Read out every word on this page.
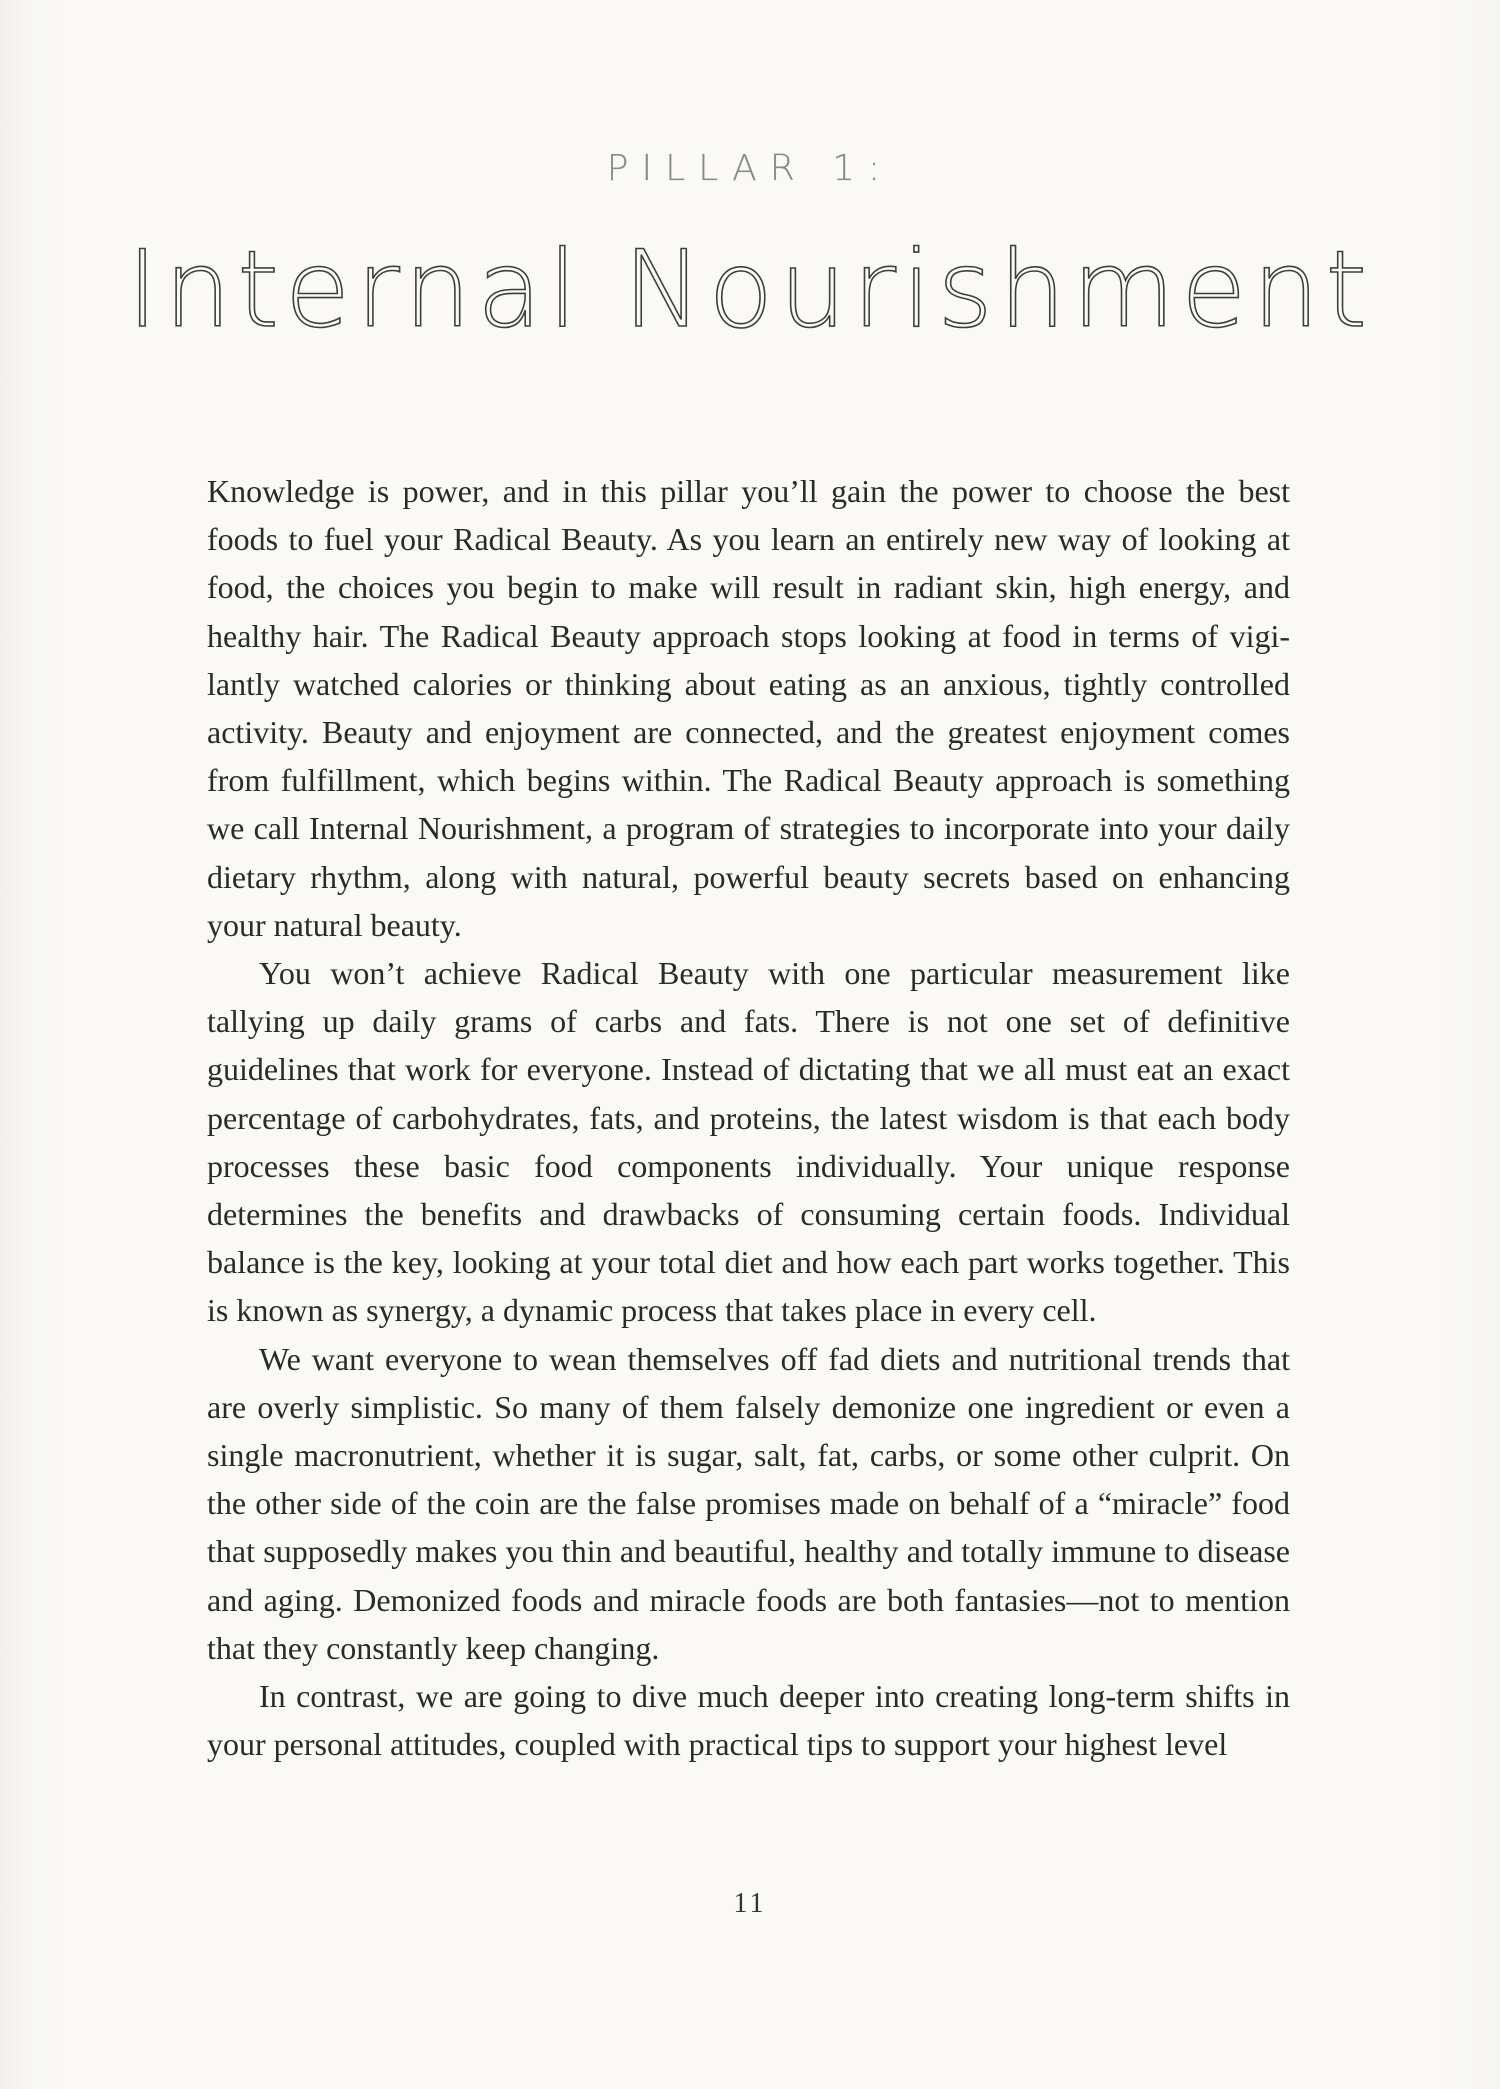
PILLAR 1:
Internal Nourishment

Knowledge is power, and in this pillar you’ll gain the power to choose the best foods to fuel your Radical Beauty. As you learn an entirely new way of looking at food, the choices you begin to make will result in radiant skin, high energy, and healthy hair. The Radical Beauty approach stops looking at food in terms of vigilantly watched calories or thinking about eating as an anxious, tightly controlled activity. Beauty and enjoyment are connected, and the greatest enjoyment comes from fulfillment, which begins within. The Radical Beauty approach is something we call Internal Nourishment, a program of strategies to incorporate into your daily dietary rhythm, along with natural, powerful beauty secrets based on enhancing your natural beauty.

You won’t achieve Radical Beauty with one particular measurement like tallying up daily grams of carbs and fats. There is not one set of definitive guidelines that work for everyone. Instead of dictating that we all must eat an exact percentage of carbohydrates, fats, and proteins, the latest wisdom is that each body processes these basic food components individually. Your unique response determines the benefits and drawbacks of consuming certain foods. Individual balance is the key, looking at your total diet and how each part works together. This is known as synergy, a dynamic process that takes place in every cell.

We want everyone to wean themselves off fad diets and nutritional trends that are overly simplistic. So many of them falsely demonize one ingredient or even a single macronutrient, whether it is sugar, salt, fat, carbs, or some other culprit. On the other side of the coin are the false promises made on behalf of a “miracle” food that supposedly makes you thin and beautiful, healthy and totally immune to disease and aging. Demonized foods and miracle foods are both fantasies—not to mention that they constantly keep changing.

In contrast, we are going to dive much deeper into creating long-term shifts in your personal attitudes, coupled with practical tips to support your highest level

11
